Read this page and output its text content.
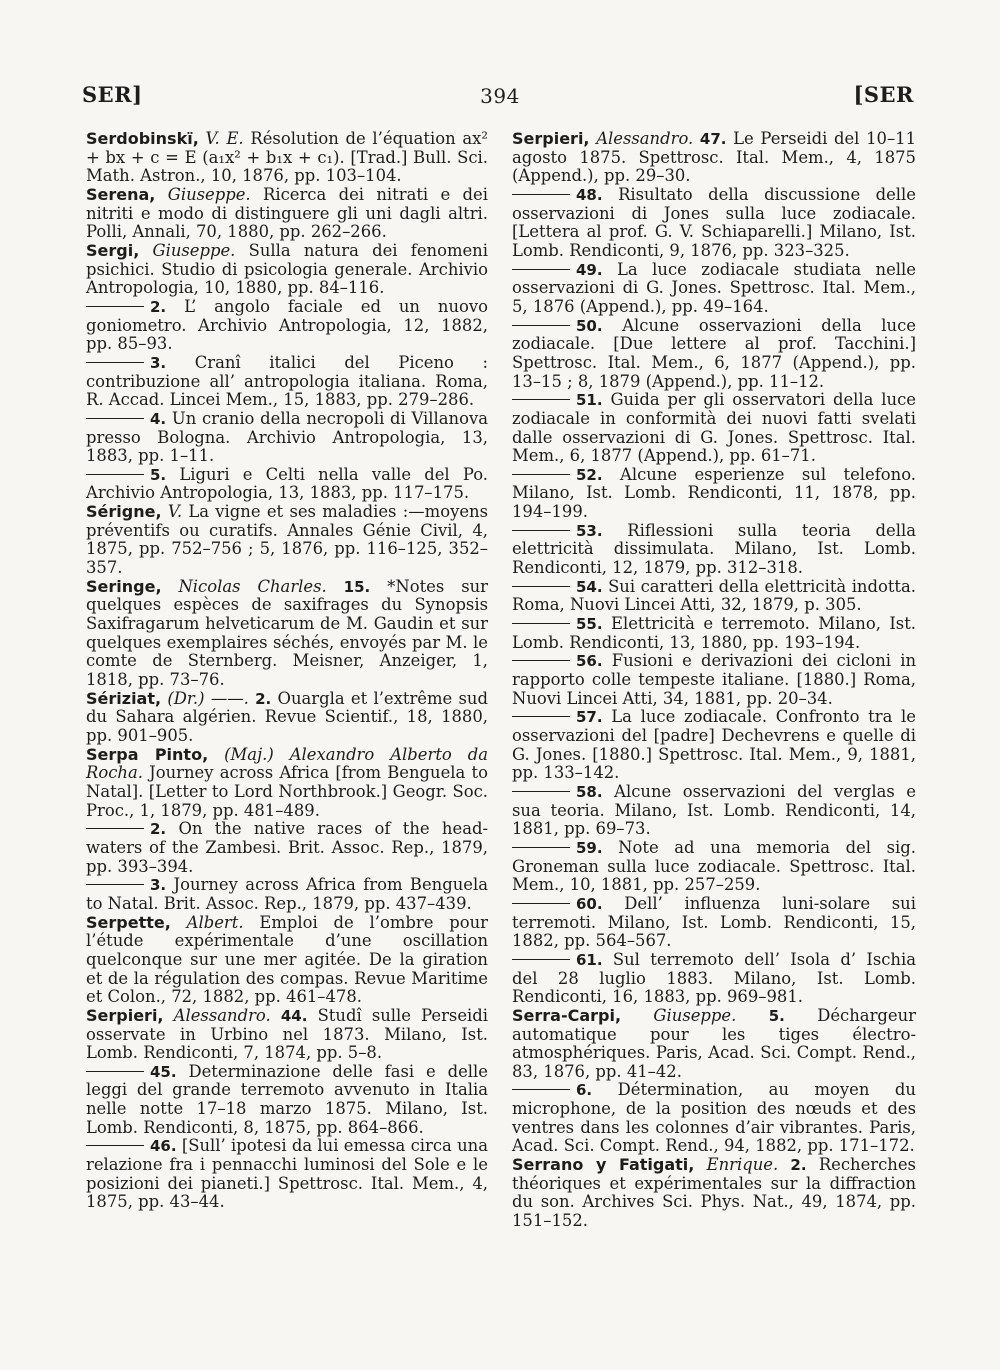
394
SER]	[SER
Serdobinskï, V. E. Résolution de l’équation ax² + bx + c = E (a₁x² + b₁x + c₁). [Trad.] Bull. Sci. Math. Astron., 10, 1876, pp. 103–104.
Serena, Giuseppe. Ricerca dei nitrati e dei nitriti e modo di distinguere gli uni dagli altri. Polli, Annali, 70, 1880, pp. 262–266.
Sergi, Giuseppe. Sulla natura dei fenomeni psichici. Studio di psicologia generale. Archivio Antropologia, 10, 1880, pp. 84–116.
2. L’ angolo faciale ed un nuovo goniometro. Archivio Antropologia, 12, 1882, pp. 85–93.
3. Cranî italici del Piceno : contribuzione all’ antropologia italiana. Roma, R. Accad. Lincei Mem., 15, 1883, pp. 279–286.
4. Un cranio della necropoli di Villanova presso Bologna. Archivio Antropologia, 13, 1883, pp. 1–11.
5. Liguri e Celti nella valle del Po. Archivio Antropologia, 13, 1883, pp. 117–175.
Sérigne, V. La vigne et ses maladies :—moyens préventifs ou curatifs. Annales Génie Civil, 4, 1875, pp. 752–756 ; 5, 1876, pp. 116–125, 352–357.
Seringe, Nicolas Charles. 15. *Notes sur quelques espèces de saxifrages du Synopsis Saxifragarum helveticarum de M. Gaudin et sur quelques exemplaires séchés, envoyés par M. le comte de Sternberg. Meisner, Anzeiger, 1, 1818, pp. 73–76.
Sériziat, (Dr.) ——. 2. Ouargla et l’extrême sud du Sahara algérien. Revue Scientif., 18, 1880, pp. 901–905.
Serpa Pinto, (Maj.) Alexandro Alberto da Rocha. Journey across Africa [from Benguela to Natal]. [Letter to Lord Northbrook.] Geogr. Soc. Proc., 1, 1879, pp. 481–489.
2. On the native races of the head-waters of the Zambesi. Brit. Assoc. Rep., 1879, pp. 393–394.
3. Journey across Africa from Benguela to Natal. Brit. Assoc. Rep., 1879, pp. 437–439.
Serpette, Albert. Emploi de l’ombre pour l’étude expérimentale d’une oscillation quelconque sur une mer agitée. De la giration et de la régulation des compas. Revue Maritime et Colon., 72, 1882, pp. 461–478.
Serpieri, Alessandro. 44. Studî sulle Perseidi osservate in Urbino nel 1873. Milano, Ist. Lomb. Rendiconti, 7, 1874, pp. 5–8.
45. Determinazione delle fasi e delle leggi del grande terremoto avvenuto in Italia nelle notte 17–18 marzo 1875. Milano, Ist. Lomb. Rendiconti, 8, 1875, pp. 864–866.
46. [Sull’ ipotesi da lui emessa circa una relazione fra i pennacchi luminosi del Sole e le posizioni dei pianeti.] Spettrosc. Ital. Mem., 4, 1875, pp. 43–44.
Serpieri, Alessandro. 47. Le Perseidi del 10–11 agosto 1875. Spettrosc. Ital. Mem., 4, 1875 (Append.), pp. 29–30.
48. Risultato della discussione delle osservazioni di Jones sulla luce zodiacale. [Lettera al prof. G. V. Schiaparelli.] Milano, Ist. Lomb. Rendiconti, 9, 1876, pp. 323–325.
49. La luce zodiacale studiata nelle osservazioni di G. Jones. Spettrosc. Ital. Mem., 5, 1876 (Append.), pp. 49–164.
50. Alcune osservazioni della luce zodiacale. [Due lettere al prof. Tacchini.] Spettrosc. Ital. Mem., 6, 1877 (Append.), pp. 13–15 ; 8, 1879 (Append.), pp. 11–12.
51. Guida per gli osservatori della luce zodiacale in conformità dei nuovi fatti svelati dalle osservazioni di G. Jones. Spettrosc. Ital. Mem., 6, 1877 (Append.), pp. 61–71.
52. Alcune esperienze sul telefono. Milano, Ist. Lomb. Rendiconti, 11, 1878, pp. 194–199.
53. Riflessioni sulla teoria della elettricità dissimulata. Milano, Ist. Lomb. Rendiconti, 12, 1879, pp. 312–318.
54. Sui caratteri della elettricità indotta. Roma, Nuovi Lincei Atti, 32, 1879, p. 305.
55. Elettricità e terremoto. Milano, Ist. Lomb. Rendiconti, 13, 1880, pp. 193–194.
56. Fusioni e derivazioni dei cicloni in rapporto colle tempeste italiane. [1880.] Roma, Nuovi Lincei Atti, 34, 1881, pp. 20–34.
57. La luce zodiacale. Confronto tra le osservazioni del [padre] Dechevrens e quelle di G. Jones. [1880.] Spettrosc. Ital. Mem., 9, 1881, pp. 133–142.
58. Alcune osservazioni del verglas e sua teoria. Milano, Ist. Lomb. Rendiconti, 14, 1881, pp. 69–73.
59. Note ad una memoria del sig. Groneman sulla luce zodiacale. Spettrosc. Ital. Mem., 10, 1881, pp. 257–259.
60. Dell’ influenza luni-solare sui terremoti. Milano, Ist. Lomb. Rendiconti, 15, 1882, pp. 564–567.
61. Sul terremoto dell’ Isola d’ Ischia del 28 luglio 1883. Milano, Ist. Lomb. Rendiconti, 16, 1883, pp. 969–981.
Serra-Carpi, Giuseppe. 5. Déchargeur automatique pour les tiges électro-atmosphériques. Paris, Acad. Sci. Compt. Rend., 83, 1876, pp. 41–42.
6. Détermination, au moyen du microphone, de la position des nœuds et des ventres dans les colonnes d’air vibrantes. Paris, Acad. Sci. Compt. Rend., 94, 1882, pp. 171–172.
Serrano y Fatigati, Enrique. 2. Recherches théoriques et expérimentales sur la diffraction du son. Archives Sci. Phys. Nat., 49, 1874, pp. 151–152.
